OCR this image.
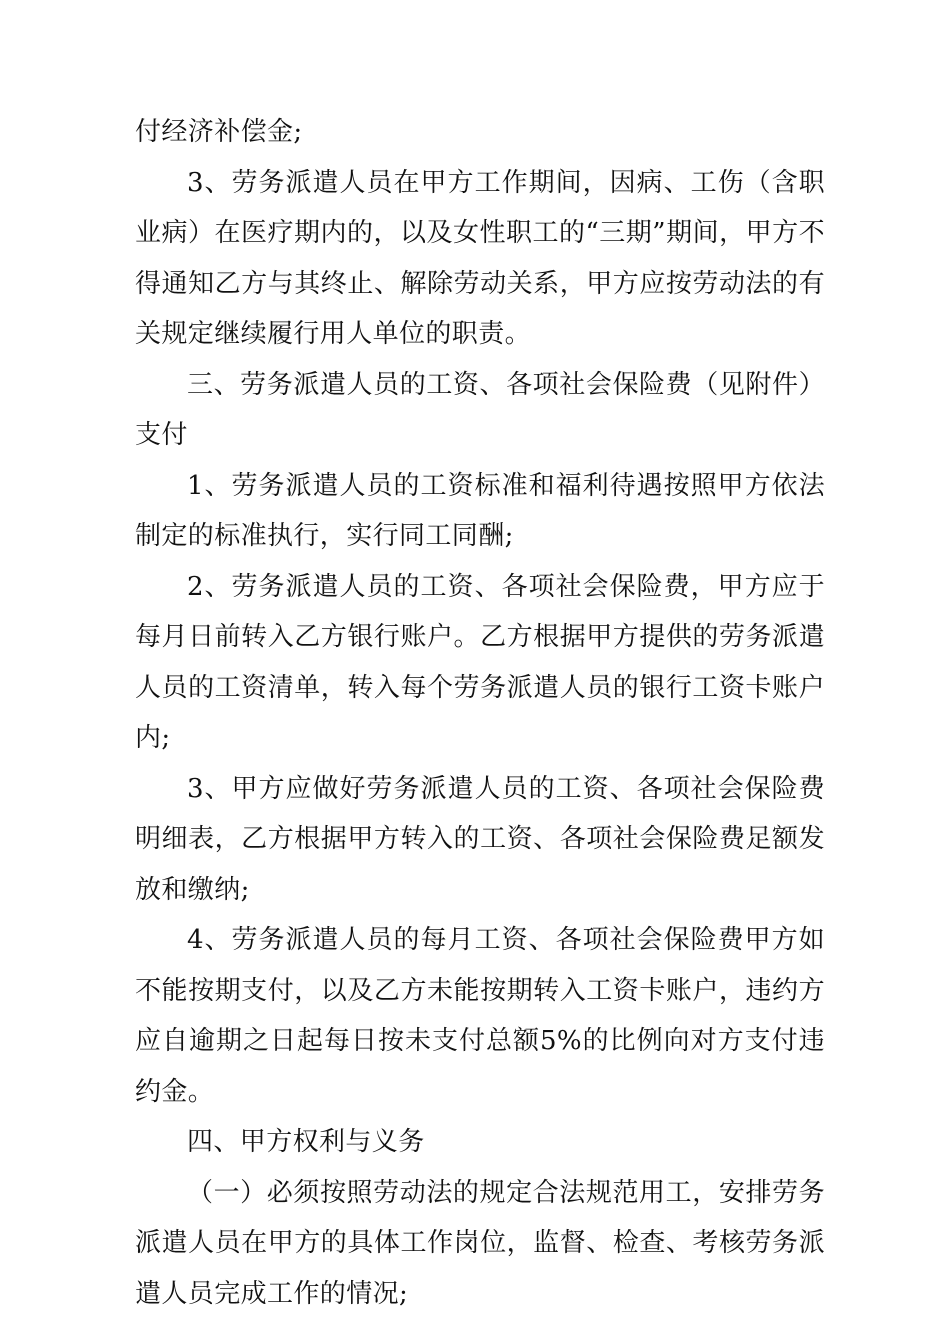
付经济补偿金;

3、劳务派遣人员在甲方工作期间，因病、工伤（含职业病）在医疗期内的，以及女性职工的“三期”期间，甲方不得通知乙方与其终止、解除劳动关系，甲方应按劳动法的有关规定继续履行用人单位的职责。

三、劳务派遣人员的工资、各项社会保险费（见附件）支付

1、劳务派遣人员的工资标准和福利待遇按照甲方依法制定的标准执行，实行同工同酬;

2、劳务派遣人员的工资、各项社会保险费，甲方应于每月日前转入乙方银行账户。乙方根据甲方提供的劳务派遣人员的工资清单，转入每个劳务派遣人员的银行工资卡账户内;

3、甲方应做好劳务派遣人员的工资、各项社会保险费明细表，乙方根据甲方转入的工资、各项社会保险费足额发放和缴纳;

4、劳务派遣人员的每月工资、各项社会保险费甲方如不能按期支付，以及乙方未能按期转入工资卡账户，违约方应自逾期之日起每日按未支付总额5%的比例向对方支付违约金。

四、甲方权利与义务

（一）必须按照劳动法的规定合法规范用工，安排劳务派遣人员在甲方的具体工作岗位，监督、检查、考核劳务派遣人员完成工作的情况;
